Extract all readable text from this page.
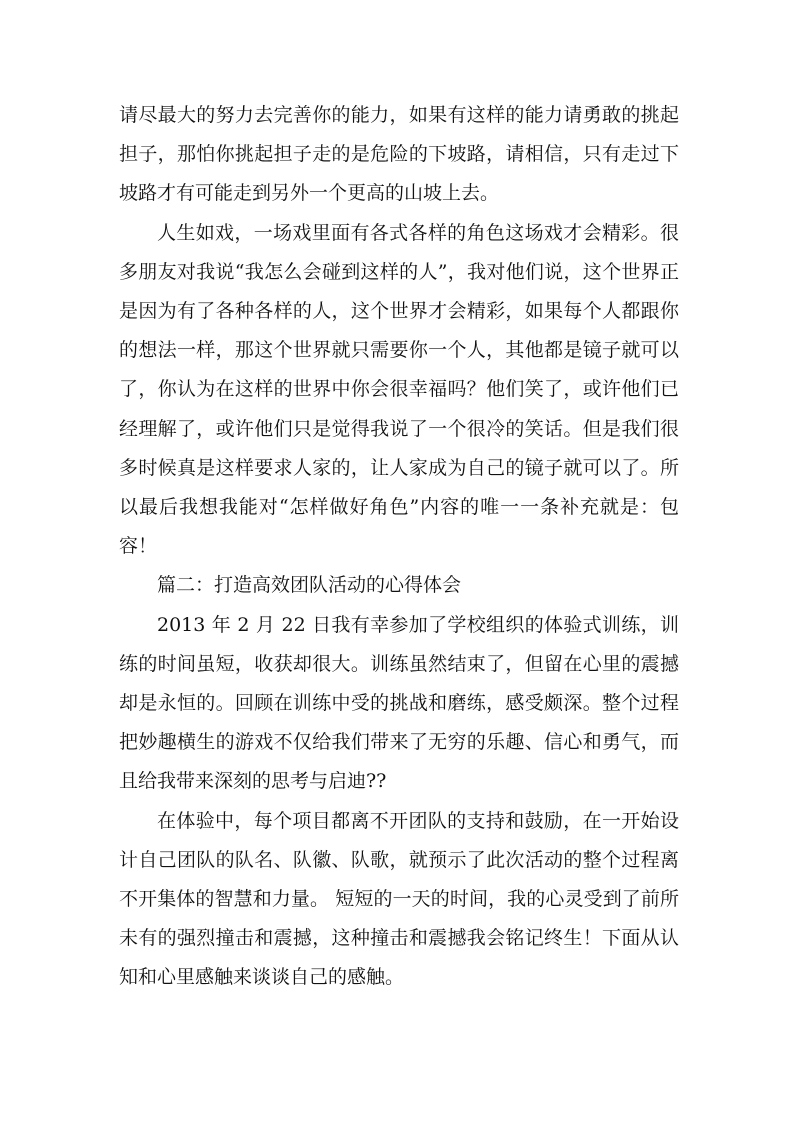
请尽最大的努力去完善你的能力，如果有这样的能力请勇敢的挑起担子，那怕你挑起担子走的是危险的下坡路，请相信，只有走过下坡路才有可能走到另外一个更高的山坡上去。

人生如戏，一场戏里面有各式各样的角色这场戏才会精彩。很多朋友对我说“我怎么会碰到这样的人”，我对他们说，这个世界正是因为有了各种各样的人，这个世界才会精彩，如果每个人都跟你的想法一样，那这个世界就只需要你一个人，其他都是镜子就可以了，你认为在这样的世界中你会很幸福吗？他们笑了，或许他们已经理解了，或许他们只是觉得我说了一个很冷的笑话。但是我们很多时候真是这样要求人家的，让人家成为自己的镜子就可以了。所以最后我想我能对“怎样做好角色”内容的唯一一条补充就是：包容！

篇二：打造高效团队活动的心得体会

2013 年 2 月 22 日我有幸参加了学校组织的体验式训练，训练的时间虽短，收获却很大。训练虽然结束了，但留在心里的震撼却是永恒的。回顾在训练中受的挑战和磨练，感受颇深。整个过程把妙趣横生的游戏不仅给我们带来了无穷的乐趣、信心和勇气，而且给我带来深刻的思考与启迪??

在体验中，每个项目都离不开团队的支持和鼓励，在一开始设计自己团队的队名、队徽、队歌，就预示了此次活动的整个过程离不开集体的智慧和力量。 短短的一天的时间，我的心灵受到了前所未有的强烈撞击和震撼，这种撞击和震撼我会铭记终生！下面从认知和心里感触来谈谈自己的感触。
